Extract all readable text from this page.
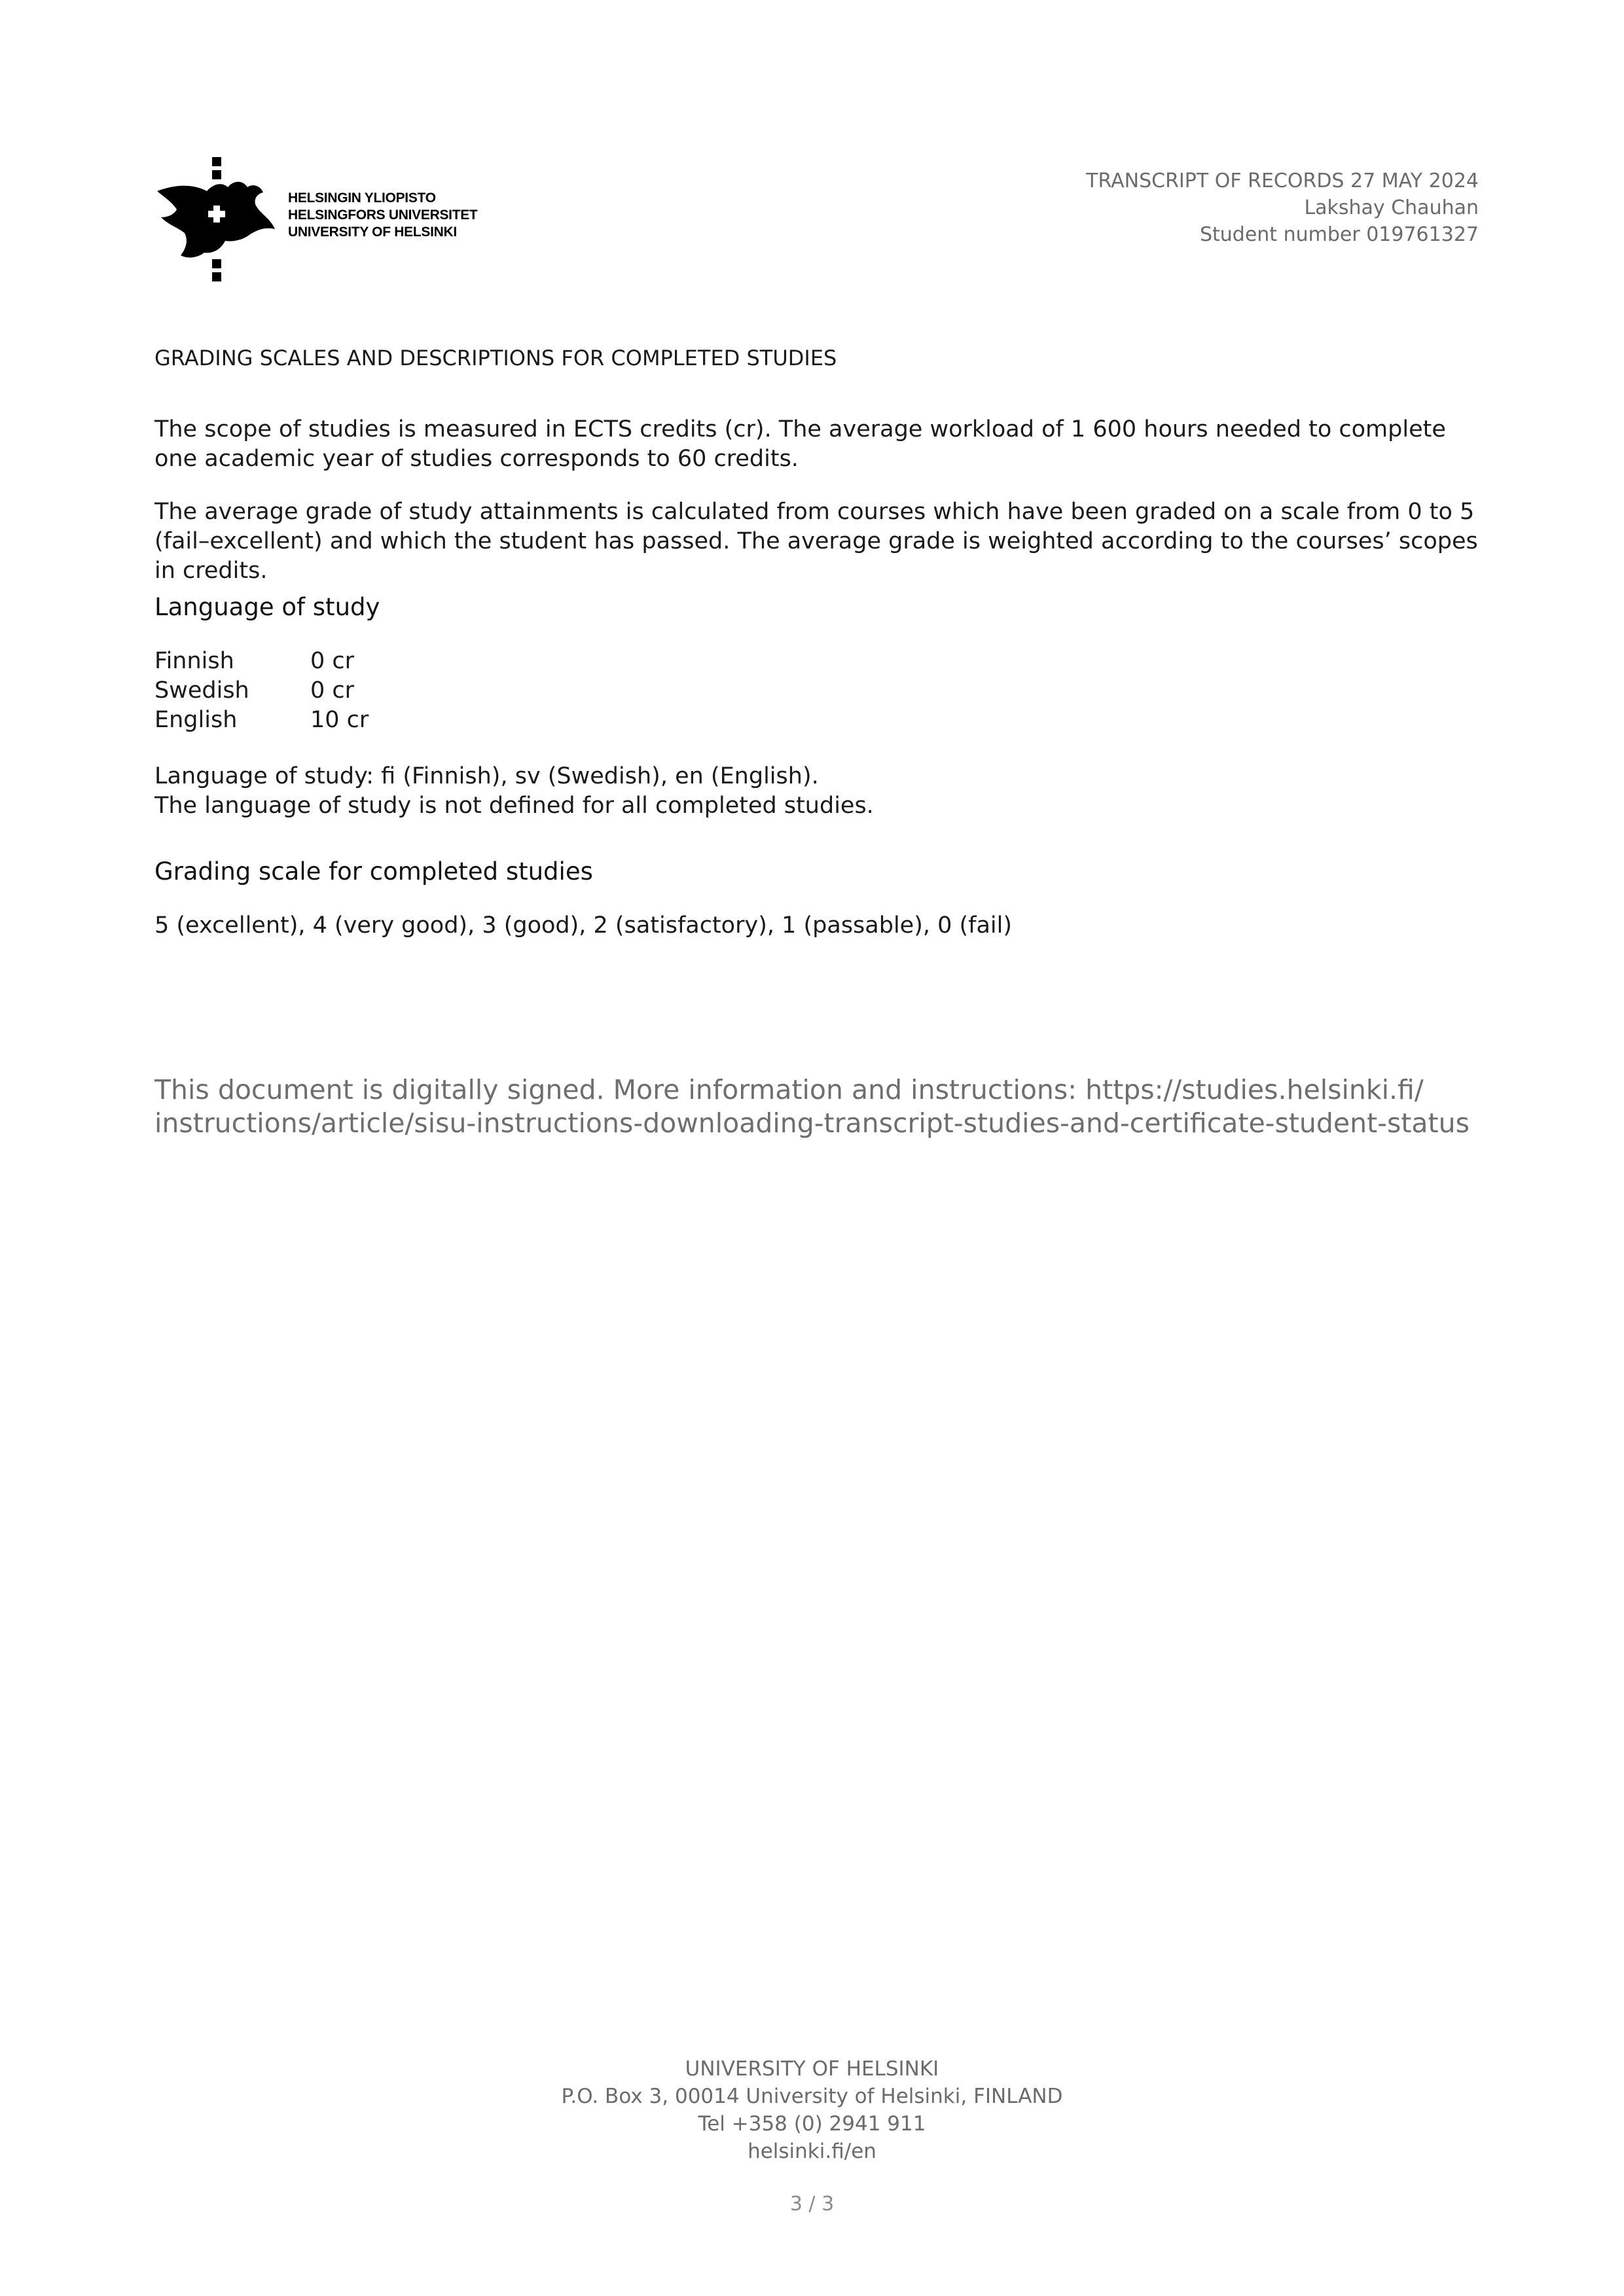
HELSINGIN YLIOPISTO
HELSINGFORS UNIVERSITET
UNIVERSITY OF HELSINKI
TRANSCRIPT OF RECORDS 27 MAY 2024
Lakshay Chauhan
Student number 019761327
GRADING SCALES AND DESCRIPTIONS FOR COMPLETED STUDIES
The scope of studies is measured in ECTS credits (cr). The average workload of 1 600 hours needed to complete one academic year of studies corresponds to 60 credits.
The average grade of study attainments is calculated from courses which have been graded on a scale from 0 to 5 (fail–excellent) and which the student has passed. The average grade is weighted according to the courses’ scopes in credits.
Language of study
Finnish	0 cr
Swedish	0 cr
English	10 cr
Language of study: fi (Finnish), sv (Swedish), en (English).
The language of study is not defined for all completed studies.
Grading scale for completed studies
5 (excellent), 4 (very good), 3 (good), 2 (satisfactory), 1 (passable), 0 (fail)
This document is digitally signed. More information and instructions: https://studies.helsinki.fi/
instructions/article/sisu-instructions-downloading-transcript-studies-and-certificate-student-status
UNIVERSITY OF HELSINKI
P.O. Box 3, 00014 University of Helsinki, FINLAND
Tel +358 (0) 2941 911
helsinki.fi/en
3 / 3
